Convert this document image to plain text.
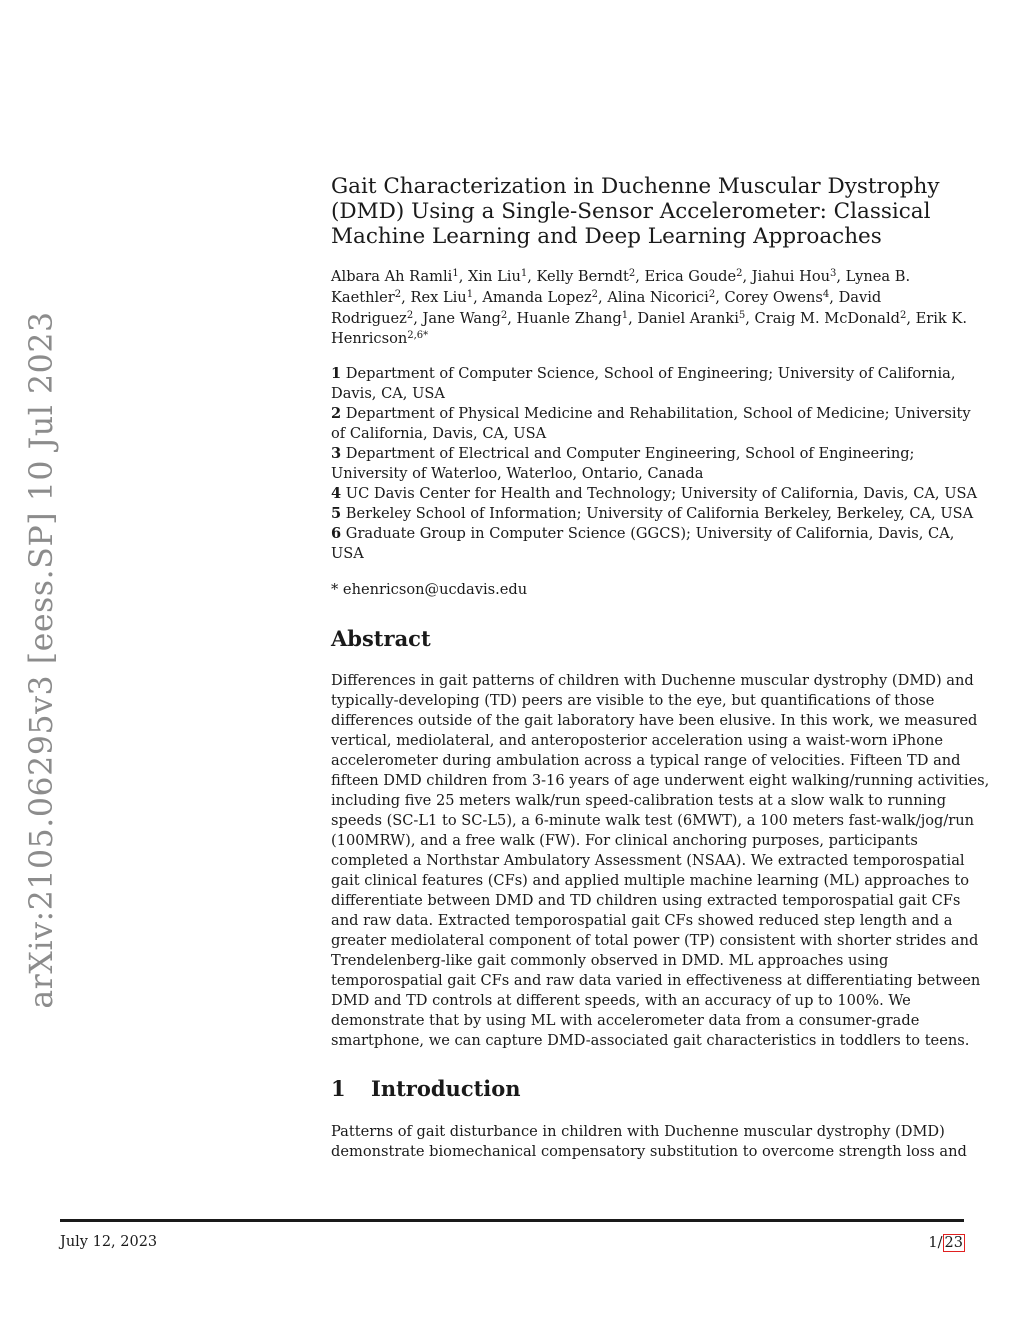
arXiv:2105.06295v3 [eess.SP] 10 Jul 2023
Gait Characterization in Duchenne Muscular Dystrophy
(DMD) Using a Single-Sensor Accelerometer: Classical
Machine Learning and Deep Learning Approaches
Albara Ah Ramli$^1$, Xin Liu$^1$, Kelly Berndt$^2$, Erica Goude$^2$, Jiahui Hou$^3$, Lynea B.
Kaethler$^2$, Rex Liu$^1$, Amanda Lopez$^2$, Alina Nicorici$^2$, Corey Owens$^4$, David
Rodriguez$^2$, Jane Wang$^2$, Huanle Zhang$^1$, Daniel Aranki$^5$, Craig M. McDonald$^2$, Erik K.
Henricson$^{2,6*}$
1 Department of Computer Science, School of Engineering; University of California,
Davis, CA, USA
2 Department of Physical Medicine and Rehabilitation, School of Medicine; University
of California, Davis, CA, USA
3 Department of Electrical and Computer Engineering, School of Engineering;
University of Waterloo, Waterloo, Ontario, Canada
4 UC Davis Center for Health and Technology; University of California, Davis, CA, USA
5 Berkeley School of Information; University of California Berkeley, Berkeley, CA, USA
6 Graduate Group in Computer Science (GGCS); University of California, Davis, CA,
USA
* ehenricson@ucdavis.edu
Abstract
Differences in gait patterns of children with Duchenne muscular dystrophy (DMD) and
typically-developing (TD) peers are visible to the eye, but quantifications of those
differences outside of the gait laboratory have been elusive. In this work, we measured
vertical, mediolateral, and anteroposterior acceleration using a waist-worn iPhone
accelerometer during ambulation across a typical range of velocities. Fifteen TD and
fifteen DMD children from 3-16 years of age underwent eight walking/running activities,
including five 25 meters walk/run speed-calibration tests at a slow walk to running
speeds (SC-L1 to SC-L5), a 6-minute walk test (6MWT), a 100 meters fast-walk/jog/run
(100MRW), and a free walk (FW). For clinical anchoring purposes, participants
completed a Northstar Ambulatory Assessment (NSAA). We extracted temporospatial
gait clinical features (CFs) and applied multiple machine learning (ML) approaches to
differentiate between DMD and TD children using extracted temporospatial gait CFs
and raw data. Extracted temporospatial gait CFs showed reduced step length and a
greater mediolateral component of total power (TP) consistent with shorter strides and
Trendelenberg-like gait commonly observed in DMD. ML approaches using
temporospatial gait CFs and raw data varied in effectiveness at differentiating between
DMD and TD controls at different speeds, with an accuracy of up to 100%. We
demonstrate that by using ML with accelerometer data from a consumer-grade
smartphone, we can capture DMD-associated gait characteristics in toddlers to teens.
1 Introduction
Patterns of gait disturbance in children with Duchenne muscular dystrophy (DMD)
demonstrate biomechanical compensatory substitution to overcome strength loss and
July 12, 2023	1/ 23
